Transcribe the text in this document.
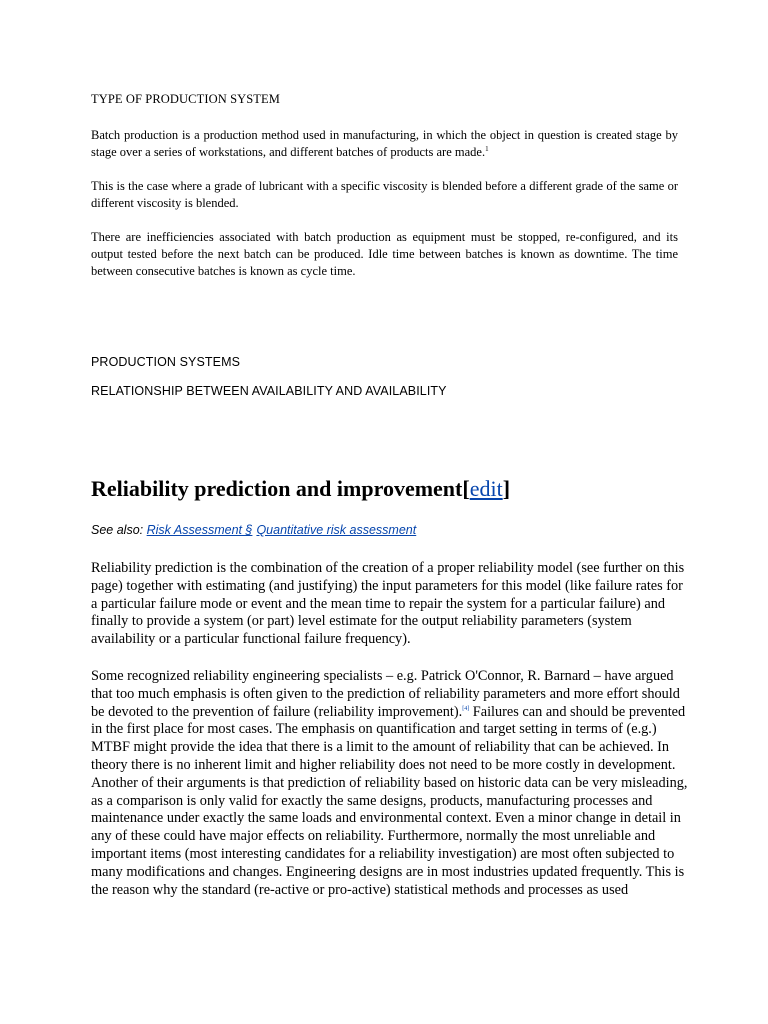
TYPE OF PRODUCTION SYSTEM
Batch production is a production method used in manufacturing, in which the object in question is created stage by stage over a series of workstations, and different batches of products are made.$^1$
This is the case where a grade of lubricant with a specific viscosity is blended before a different grade of the same or different viscosity is blended.
There are inefficiencies associated with batch production as equipment must be stopped, re-configured, and its output tested before the next batch can be produced. Idle time between batches is known as downtime. The time between consecutive batches is known as cycle time.
PRODUCTION SYSTEMS
RELATIONSHIP BETWEEN AVAILABILITY AND AVAILABILITY
Reliability prediction and improvement[edit]
See also: Risk Assessment § Quantitative risk assessment
Reliability prediction is the combination of the creation of a proper reliability model (see further on this page) together with estimating (and justifying) the input parameters for this model (like failure rates for a particular failure mode or event and the mean time to repair the system for a particular failure) and finally to provide a system (or part) level estimate for the output reliability parameters (system availability or a particular functional failure frequency).
Some recognized reliability engineering specialists – e.g. Patrick O'Connor, R. Barnard – have argued that too much emphasis is often given to the prediction of reliability parameters and more effort should be devoted to the prevention of failure (reliability improvement).[4] Failures can and should be prevented in the first place for most cases. The emphasis on quantification and target setting in terms of (e.g.) MTBF might provide the idea that there is a limit to the amount of reliability that can be achieved. In theory there is no inherent limit and higher reliability does not need to be more costly in development. Another of their arguments is that prediction of reliability based on historic data can be very misleading, as a comparison is only valid for exactly the same designs, products, manufacturing processes and maintenance under exactly the same loads and environmental context. Even a minor change in detail in any of these could have major effects on reliability. Furthermore, normally the most unreliable and important items (most interesting candidates for a reliability investigation) are most often subjected to many modifications and changes. Engineering designs are in most industries updated frequently. This is the reason why the standard (re-active or pro-active) statistical methods and processes as used
